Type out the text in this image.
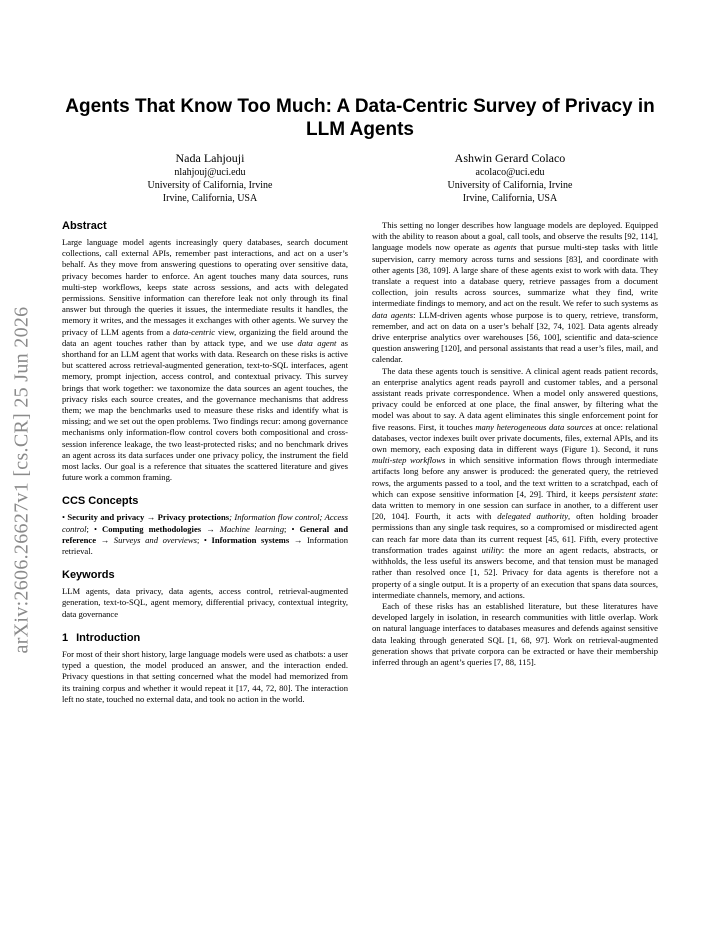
arXiv:2606.26627v1 [cs.CR] 25 Jun 2026
Agents That Know Too Much: A Data-Centric Survey of Privacy in LLM Agents
Nada Lahjouji
nlahjouj@uci.edu
University of California, Irvine
Irvine, California, USA
Ashwin Gerard Colaco
acolaco@uci.edu
University of California, Irvine
Irvine, California, USA
Abstract

Large language model agents increasingly query databases, search document collections, call external APIs, remember past interactions, and act on a user’s behalf. As they move from answering questions to operating over sensitive data, privacy becomes harder to enforce. An agent touches many data sources, runs multi-step workflows, keeps state across sessions, and acts with delegated permissions. Sensitive information can therefore leak not only through its final answer but through the queries it issues, the intermediate results it handles, the memory it writes, and the messages it exchanges with other agents. We survey the privacy of LLM agents from a data-centric view, organizing the field around the data an agent touches rather than by attack type, and we use data agent as shorthand for an LLM agent that works with data. Research on these risks is active but scattered across retrieval-augmented generation, text-to-SQL interfaces, agent memory, prompt injection, access control, and contextual privacy. This survey brings that work together: we taxonomize the data sources an agent touches, the privacy risks each source creates, and the governance mechanisms that address them; we map the benchmarks used to measure these risks and identify what is missing; and we set out the open problems. Two findings recur: among governance mechanisms only information-flow control covers both compositional and cross-session inference leakage, the two least-protected risks; and no benchmark drives an agent across its data surfaces under one privacy policy, the instrument the field most lacks. Our goal is a reference that situates the scattered literature and gives future work a common framing.

CCS Concepts

• Security and privacy → Privacy protections; Information flow control; Access control; • Computing methodologies → Machine learning; • General and reference → Surveys and overviews; • Information systems → Information retrieval.

Keywords

LLM agents, data privacy, data agents, access control, retrieval-augmented generation, text-to-SQL, agent memory, differential privacy, contextual integrity, data governance

1 Introduction

For most of their short history, large language models were used as chatbots: a user typed a question, the model produced an answer, and the interaction ended. Privacy questions in that setting concerned what the model had memorized from its training corpus and whether it would repeat it [17, 44, 72, 80]. The interaction left no state, touched no external data, and took no action in the world.

This setting no longer describes how language models are deployed. Equipped with the ability to reason about a goal, call tools, and observe the results [92, 114], language models now operate as agents that pursue multi-step tasks with little supervision, carry memory across turns and sessions [83], and coordinate with other agents [38, 109]. A large share of these agents exist to work with data. They translate a request into a database query, retrieve passages from a document collection, join results across sources, summarize what they find, write intermediate findings to memory, and act on the result. We refer to such systems as data agents: LLM-driven agents whose purpose is to query, retrieve, transform, remember, and act on data on a user’s behalf [32, 74, 102]. Data agents already drive enterprise analytics over warehouses [56, 100], scientific and data-science question answering [120], and personal assistants that read a user’s files, mail, and calendar.

The data these agents touch is sensitive. A clinical agent reads patient records, an enterprise analytics agent reads payroll and customer tables, and a personal assistant reads private correspondence. When a model only answered questions, privacy could be enforced at one place, the final answer, by filtering what the model was about to say. A data agent eliminates this single enforcement point for five reasons. First, it touches many heterogeneous data sources at once: relational databases, vector indexes built over private documents, files, external APIs, and its own memory, each exposing data in different ways (Figure 1). Second, it runs multi-step workflows in which sensitive information flows through intermediate artifacts long before any answer is produced: the generated query, the retrieved rows, the arguments passed to a tool, and the text written to a scratchpad, each of which can expose sensitive information [4, 29]. Third, it keeps persistent state: data written to memory in one session can surface in another, to a different user [20, 104]. Fourth, it acts with delegated authority, often holding broader permissions than any single task requires, so a compromised or misdirected agent can reach far more data than its current request [45, 61]. Fifth, every protective transformation trades against utility: the more an agent redacts, abstracts, or withholds, the less useful its answers become, and that tension must be managed rather than resolved once [1, 52]. Privacy for data agents is therefore not a property of a single output. It is a property of an execution that spans data sources, intermediate channels, memory, and actions.

Each of these risks has an established literature, but these literatures have developed largely in isolation, in research communities with little overlap. Work on natural language interfaces to databases measures and defends against sensitive data leaking through generated SQL [1, 68, 97]. Work on retrieval-augmented generation shows that private corpora can be extracted or have their membership inferred through an agent’s queries [7, 88, 115].
